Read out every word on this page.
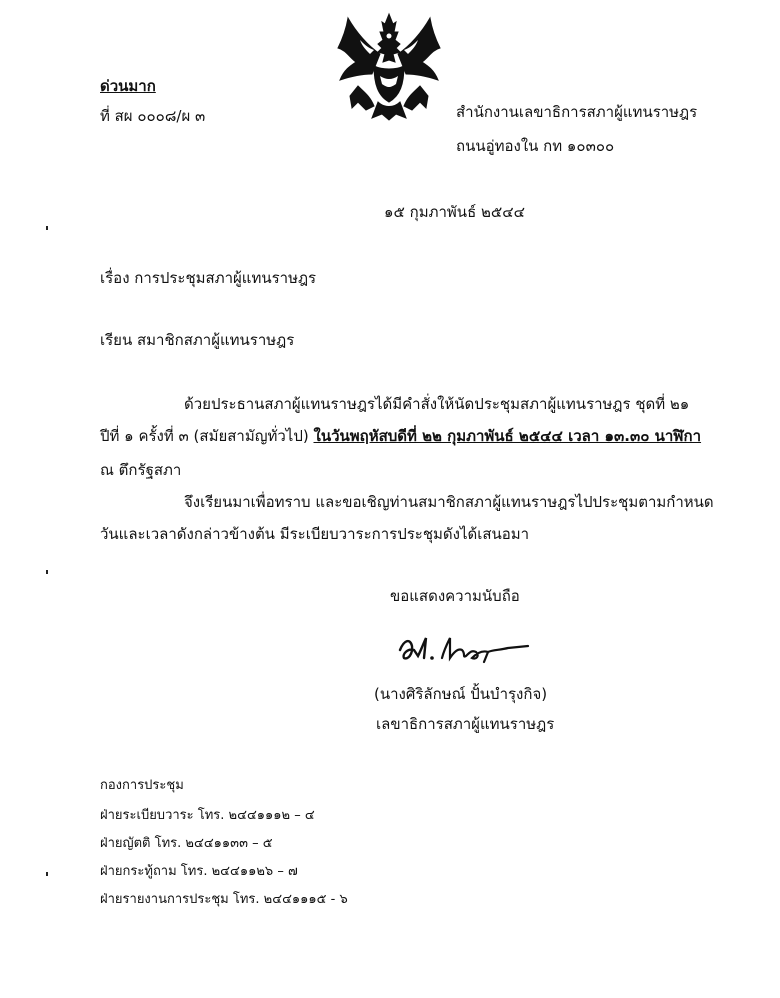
ด่วนมาก
ที่ สผ ๐๐๐๘/ผ ๓	สำนักงานเลขาธิการสภาผู้แทนราษฎร
ถนนอู่ทองใน กท ๑๐๓๐๐
๑๕ กุมภาพันธ์ ๒๕๔๔
เรื่อง การประชุมสภาผู้แทนราษฎร
เรียน สมาชิกสภาผู้แทนราษฎร
ด้วยประธานสภาผู้แทนราษฎรได้มีคำสั่งให้นัดประชุมสภาผู้แทนราษฎร ชุดที่ ๒๑
ปีที่ ๑ ครั้งที่ ๓ (สมัยสามัญทั่วไป) ในวันพฤหัสบดีที่ ๒๒ กุมภาพันธ์ ๒๕๔๔ เวลา ๑๓.๓๐ นาฬิกา
ณ ตึกรัฐสภา
จึงเรียนมาเพื่อทราบ และขอเชิญท่านสมาชิกสภาผู้แทนราษฎรไปประชุมตามกำหนด
วันและเวลาดังกล่าวข้างต้น มีระเบียบวาระการประชุมดังได้เสนอมา
ขอแสดงความนับถือ
(นางศิริลักษณ์ ปั้นบำรุงกิจ)
เลขาธิการสภาผู้แทนราษฎร
กองการประชุม
ฝ่ายระเบียบวาระ โทร. ๒๔๔๑๑๑๒ – ๔
ฝ่ายญัตติ โทร. ๒๔๔๑๑๓๓ – ๕
ฝ่ายกระทู้ถาม โทร. ๒๔๔๑๑๒๖ – ๗
ฝ่ายรายงานการประชุม โทร. ๒๔๔๑๑๑๕ - ๖
